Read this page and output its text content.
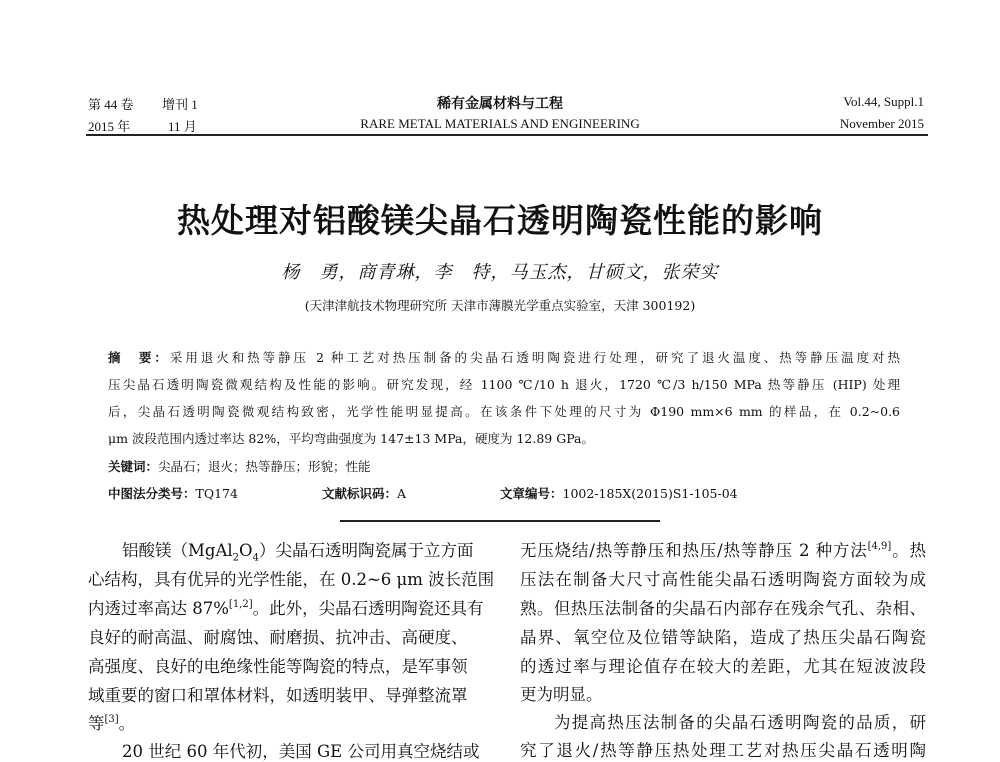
第 44 卷 增刊 1
2015 年	11 月
稀有金属材料与工程
RARE METAL MATERIALS AND ENGINEERING
Vol.44, Suppl.1
November 2015
热处理对铝酸镁尖晶石透明陶瓷性能的影响
杨　勇，商青琳，李　特，马玉杰，甘硕文，张荣实
(天津津航技术物理研究所 天津市薄膜光学重点实验室，天津 300192)
摘　要：采用退火和热等静压 2 种工艺对热压制备的尖晶石透明陶瓷进行处理，研究了退火温度、热等静压温度对热
压尖晶石透明陶瓷微观结构及性能的影响。研究发现，经 1100 ℃/10 h 退火，1720 ℃/3 h/150 MPa 热等静压 (HIP) 处理
后，尖晶石透明陶瓷微观结构致密，光学性能明显提高。在该条件下处理的尺寸为 Φ190 mm×6 mm 的样品，在 0.2~0.6
μm 波段范围内透过率达 82%，平均弯曲强度为 147±13 MPa，硬度为 12.89 GPa。
关键词：尖晶石；退火；热等静压；形貌；性能
中图法分类号：TQ174	文献标识码：A	文章编号：1002-185X(2015)S1-105-04
铝酸镁$(MgAl_2O_4)$尖晶石透明陶瓷属于立方面
心结构，具有优异的光学性能，在 0.2~6 μm 波长范围
内透过率高达 87%[1,2]。此外，尖晶石透明陶瓷还具有
良好的耐高温、耐腐蚀、耐磨损、抗冲击、高硬度、
高强度、良好的电绝缘性能等陶瓷的特点，是军事领
域重要的窗口和罩体材料，如透明装甲、导弹整流罩
等[3]。
20 世纪 60 年代初，美国 GE 公司用真空烧结或
无压烧结/热等静压和热压/热等静压 2 种方法[4,9]。热
压法在制备大尺寸高性能尖晶石透明陶瓷方面较为成
熟。但热压法制备的尖晶石内部存在残余气孔、杂相、
晶界、氧空位及位错等缺陷，造成了热压尖晶石陶瓷
的透过率与理论值存在较大的差距，尤其在短波波段
更为明显。
为提高热压法制备的尖晶石透明陶瓷的品质，研
究了退火/热等静压热处理工艺对热压尖晶石透明陶
